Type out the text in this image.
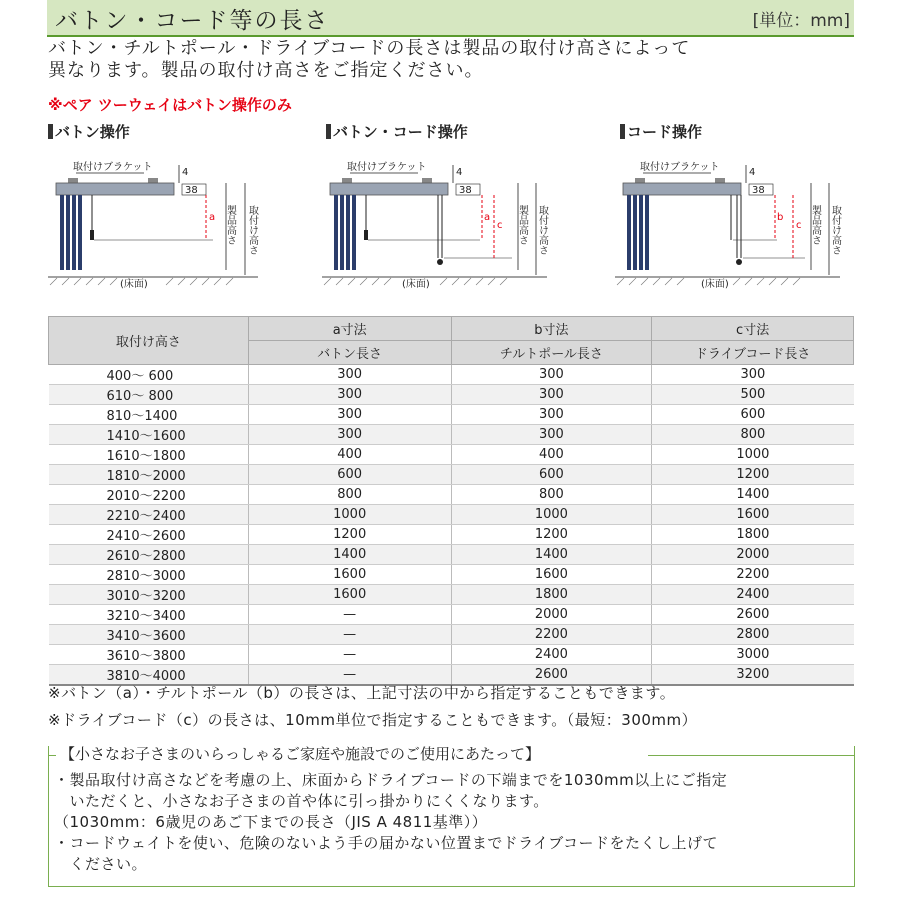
バトン・コード等の長さ	[単位：mm]
バトン・チルトポール・ドライブコードの長さは製品の取付け高さによって
異なります。製品の取付け高さをご指定ください。
※ペア ツーウェイはバトン操作のみ
バトン操作	バトン・コード操作	コード操作
取付けブラケット	4
38
a 製品高さ 取付け高さ
(床面)
取付けブラケット	4
38
a
c 製品高さ 取付け高さ
(床面)
取付けブラケット	4
38
b
c 製品高さ 取付け高さ
(床面)
取付け高さ	a寸法	b寸法	c寸法
	バトン長さ	チルトポール長さ	ドライブコード長さ
400～ 600	300	300	300
610～ 800	300	300	500
810～1400	300	300	600
1410～1600	300	300	800
1610～1800	400	400	1000
1810～2000	600	600	1200
2010～2200	800	800	1400
2210～2400	1000	1000	1600
2410～2600	1200	1200	1800
2610～2800	1400	1400	2000
2810～3000	1600	1600	2200
3010～3200	1600	1800	2400
3210～3400	—	2000	2600
3410～3600	—	2200	2800
3610～3800	—	2400	3000
3810～4000	—	2600	3200
※バトン（a）・チルトポール（b）の長さは、上記寸法の中から指定することもできます。
※ドライブコード（c）の長さは、10mm単位で指定することもできます。（最短：300mm）
【小さなお子さまのいらっしゃるご家庭や施設でのご使用にあたって】
・製品取付け高さなどを考慮の上、床面からドライブコードの下端までを1030mm以上にご指定
　いただくと、小さなお子さまの首や体に引っ掛かりにくくなります。
（1030mm：6歳児のあご下までの長さ（JIS A 4811基準））
・コードウェイトを使い、危険のないよう手の届かない位置までドライブコードをたくし上げて
　ください。
